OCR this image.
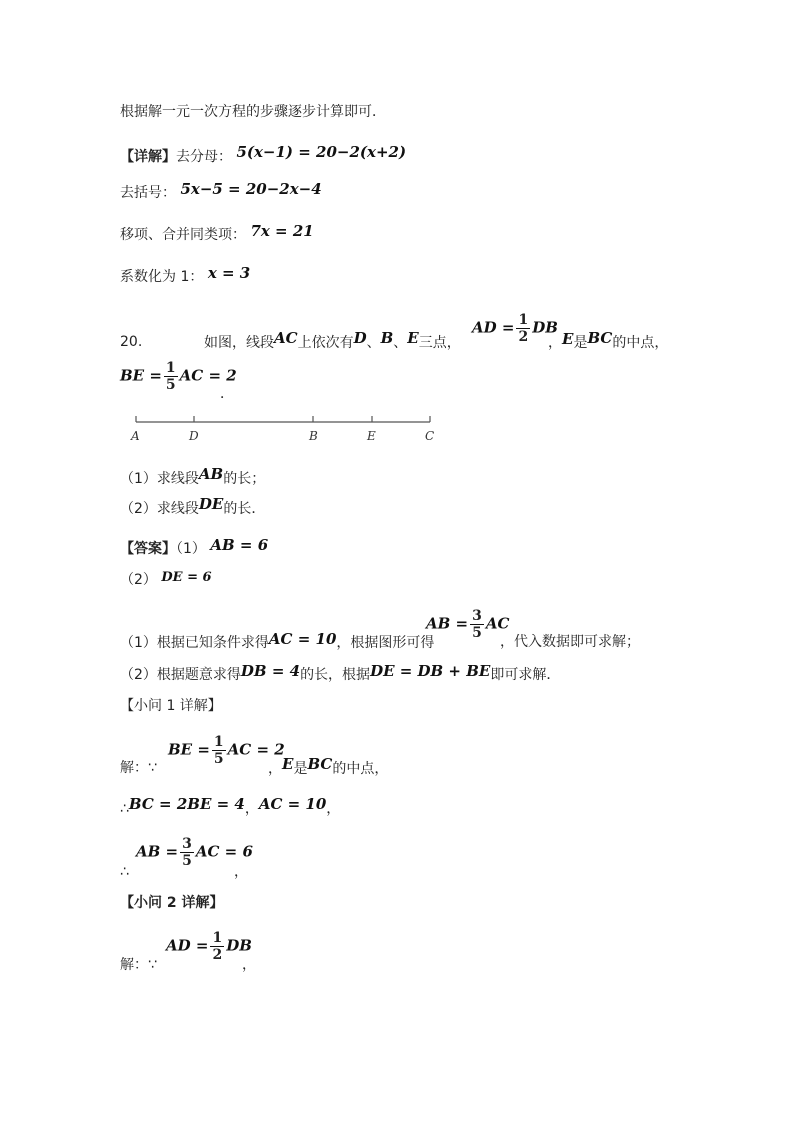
根据解一元一次方程的步骤逐步计算即可．
【详解】去分母： 5(x−1) = 20−2(x+2)
去括号： 5x−5 = 20−2x−4
移项、合并同类项： 7x = 21
系数化为 1： x = 3
20.	如图，线段AC上依次有D、B、E三点，
AD = $\frac{1}{2}$ DB
，E是BC的中点，
BE = $\frac{1}{5}$ AC = 2
．
A	D	B	E	C
（1）求线段AB的长；
（2）求线段DE的长．
【答案】（1） AB = 6
（2） DE = 6
（1）根据已知条件求得AC = 10，根据图形可得
AB = $\frac{3}{5}$ AC
，代入数据即可求解；
（2）根据题意求得DB = 4的长，根据DE = DB + BE即可求解．
【小问 1 详解】
解：∵
BE = $\frac{1}{5}$ AC = 2
，E是BC的中点，
∴BC = 2BE = 4，AC = 10，
∴
AB = $\frac{3}{5}$ AC = 6
，
【小问 2 详解】
解：∵
AD = $\frac{1}{2}$ DB
，
